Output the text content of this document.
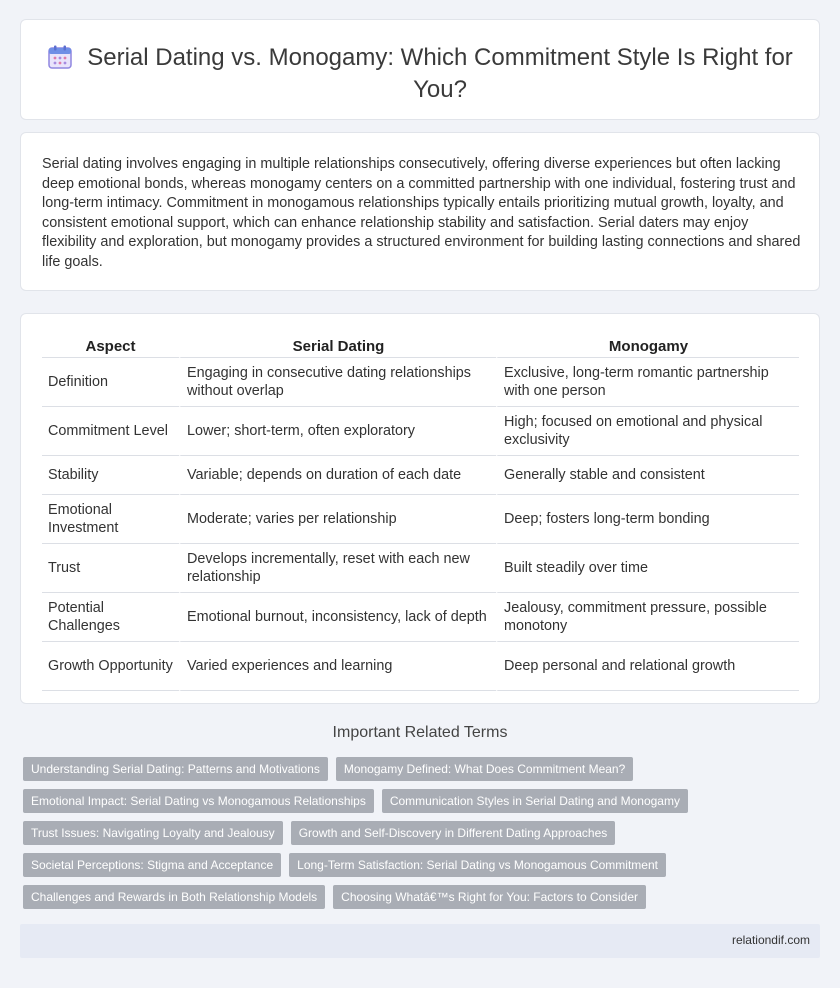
Serial Dating vs. Monogamy: Which Commitment Style Is Right for You?

Serial dating involves engaging in multiple relationships consecutively, offering diverse experiences but often lacking deep emotional bonds, whereas monogamy centers on a committed partnership with one individual, fostering trust and long-term intimacy. Commitment in monogamous relationships typically entails prioritizing mutual growth, loyalty, and consistent emotional support, which can enhance relationship stability and satisfaction. Serial daters may enjoy flexibility and exploration, but monogamy provides a structured environment for building lasting connections and shared life goals.

Aspect	Serial Dating	Monogamy
Definition	Engaging in consecutive dating relationships without overlap	Exclusive, long-term romantic partnership with one person
Commitment Level	Lower; short-term, often exploratory	High; focused on emotional and physical exclusivity
Stability	Variable; depends on duration of each date	Generally stable and consistent
Emotional Investment	Moderate; varies per relationship	Deep; fosters long-term bonding
Trust	Develops incrementally, reset with each new relationship	Built steadily over time
Potential Challenges	Emotional burnout, inconsistency, lack of depth	Jealousy, commitment pressure, possible monotony
Growth Opportunity	Varied experiences and learning	Deep personal and relational growth
Important Related Terms
Understanding Serial Dating: Patterns and Motivations	Monogamy Defined: What Does Commitment Mean?
Emotional Impact: Serial Dating vs Monogamous Relationships	Communication Styles in Serial Dating and Monogamy
Trust Issues: Navigating Loyalty and Jealousy	Growth and Self-Discovery in Different Dating Approaches
Societal Perceptions: Stigma and Acceptance	Long-Term Satisfaction: Serial Dating vs Monogamous Commitment
Challenges and Rewards in Both Relationship Models	Choosing Whatâ€™s Right for You: Factors to Consider
relationdif.com
